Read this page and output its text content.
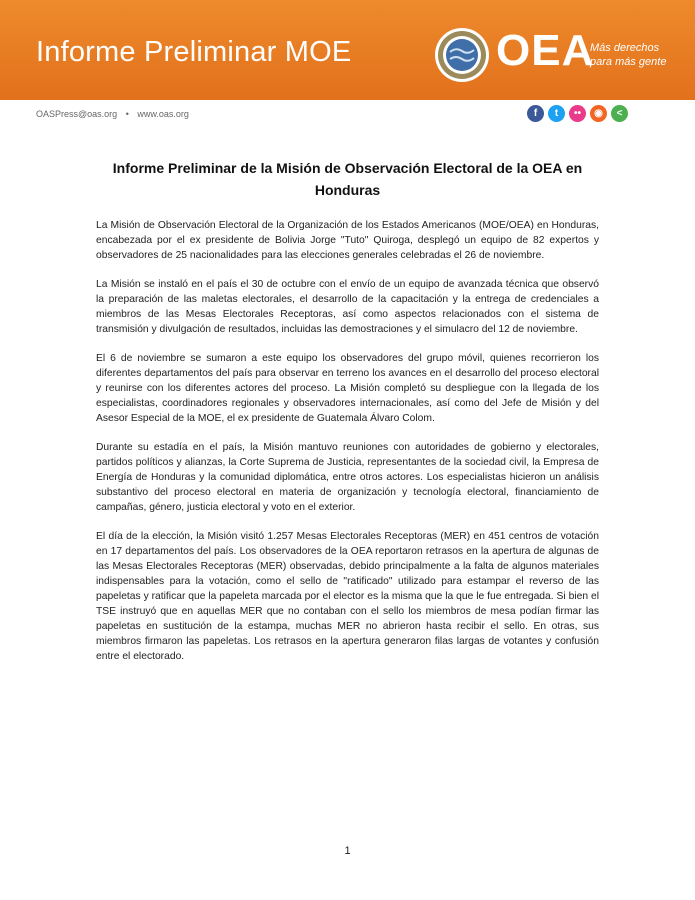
Informe Preliminar MOE	OEA
Más derechos
para más gente
OASPress@oas.org • www.oas.org	f	t	••	◉	<
Informe Preliminar de la Misión de Observación Electoral de la OEA en Honduras

La Misión de Observación Electoral de la Organización de los Estados Americanos (MOE/OEA) en Honduras, encabezada por el ex presidente de Bolivia Jorge "Tuto" Quiroga, desplegó un equipo de 82 expertos y observadores de 25 nacionalidades para las elecciones generales celebradas el 26 de noviembre.

La Misión se instaló en el país el 30 de octubre con el envío de un equipo de avanzada técnica que observó la preparación de las maletas electorales, el desarrollo de la capacitación y la entrega de credenciales a miembros de las Mesas Electorales Receptoras, así como aspectos relacionados con el sistema de transmisión y divulgación de resultados, incluidas las demostraciones y el simulacro del 12 de noviembre.

El 6 de noviembre se sumaron a este equipo los observadores del grupo móvil, quienes recorrieron los diferentes departamentos del país para observar en terreno los avances en el desarrollo del proceso electoral y reunirse con los diferentes actores del proceso. La Misión completó su despliegue con la llegada de los especialistas, coordinadores regionales y observadores internacionales, así como del Jefe de Misión y del Asesor Especial de la MOE, el ex presidente de Guatemala Álvaro Colom.

Durante su estadía en el país, la Misión mantuvo reuniones con autoridades de gobierno y electorales, partidos políticos y alianzas, la Corte Suprema de Justicia, representantes de la sociedad civil, la Empresa de Energía de Honduras y la comunidad diplomática, entre otros actores. Los especialistas hicieron un análisis substantivo del proceso electoral en materia de organización y tecnología electoral, financiamiento de campañas, género, justicia electoral y voto en el exterior.

El día de la elección, la Misión visitó 1.257 Mesas Electorales Receptoras (MER) en 451 centros de votación en 17 departamentos del país. Los observadores de la OEA reportaron retrasos en la apertura de algunas de las Mesas Electorales Receptoras (MER) observadas, debido principalmente a la falta de algunos materiales indispensables para la votación, como el sello de "ratificado" utilizado para estampar el reverso de las papeletas y ratificar que la papeleta marcada por el elector es la misma que la que le fue entregada. Si bien el TSE instruyó que en aquellas MER que no contaban con el sello los miembros de mesa podían firmar las papeletas en sustitución de la estampa, muchas MER no abrieron hasta recibir el sello. En otras, sus miembros firmaron las papeletas. Los retrasos en la apertura generaron filas largas de votantes y confusión entre el electorado.

1
